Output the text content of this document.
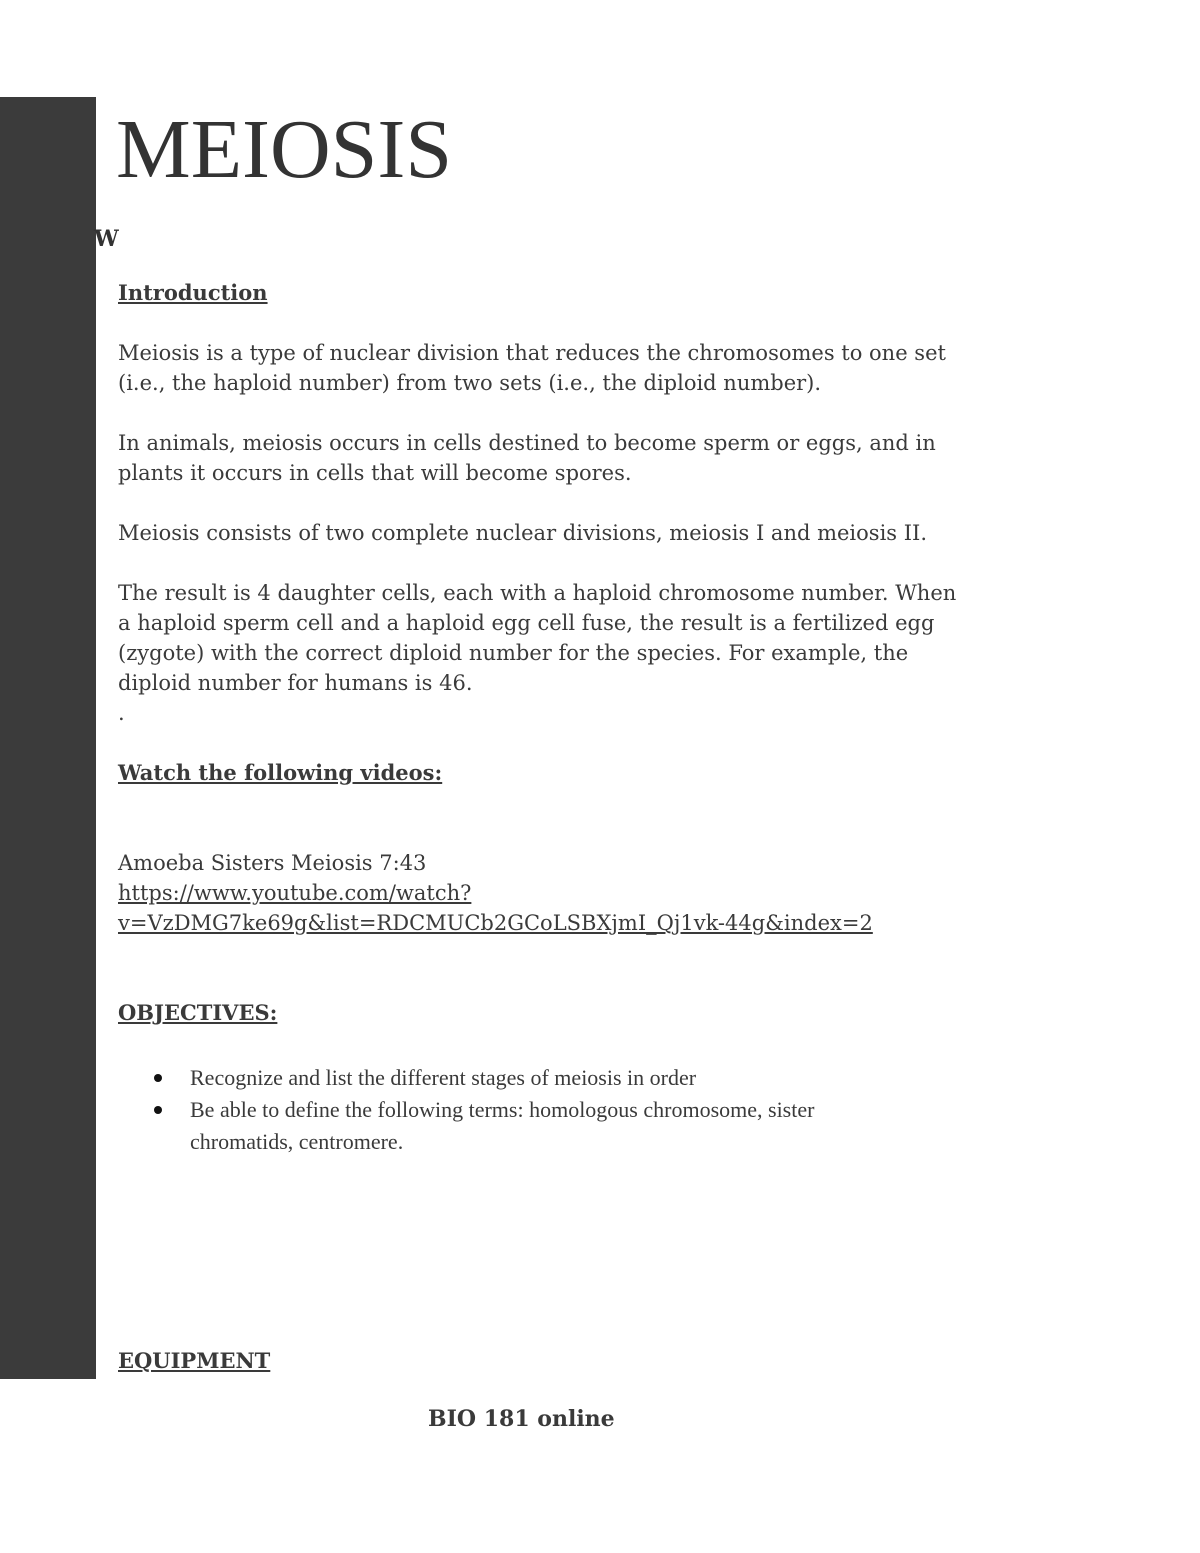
MEIOSIS
W

Introduction

Meiosis is a type of nuclear division that reduces the chromosomes to one set
(i.e., the haploid number) from two sets (i.e., the diploid number).

In animals, meiosis occurs in cells destined to become sperm or eggs, and in
plants it occurs in cells that will become spores.

Meiosis consists of two complete nuclear divisions, meiosis I and meiosis II.

The result is 4 daughter cells, each with a haploid chromosome number. When
a haploid sperm cell and a haploid egg cell fuse, the result is a fertilized egg
(zygote) with the correct diploid number for the species. For example, the
diploid number for humans is 46.

.

Watch the following videos:

Amoeba Sisters Meiosis 7:43

https://www.youtube.com/watch?
v=VzDMG7ke69g&list=RDCMUCb2GCoLSBXjmI_Qj1vk-44g&index=2

OBJECTIVES:

Recognize and list the different stages of meiosis in order
Be able to define the following terms: homologous chromosome, sister
chromatids, centromere.
EQUIPMENT
BIO 181 online
